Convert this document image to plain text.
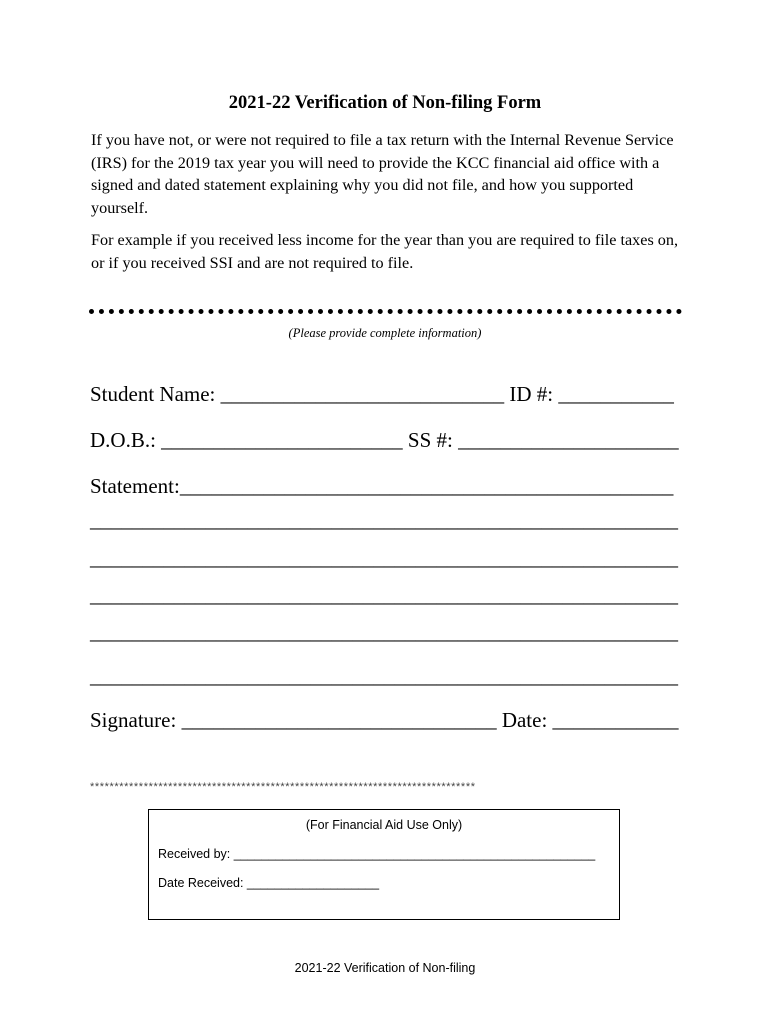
2021-22 Verification of Non-filing Form
If you have not, or were not required to file a tax return with the Internal Revenue Service (IRS) for the 2019 tax year you will need to provide the KCC financial aid office with a signed and dated statement explaining why you did not file, and how you supported yourself.
For example if you received less income for the year than you are required to file taxes on, or if you received SSI and are not required to file.
(Please provide complete information)
Student Name: ___________________________ ID #: ___________
D.O.B.: _______________________ SS #: _____________________
Statement:_______________________________________________
________________________________________________________
________________________________________________________
________________________________________________________
________________________________________________________
________________________________________________________
Signature: ______________________________ Date: ____________
*******************************************************************************
(For Financial Aid Use Only)
Received by: ____________________________________________________
Date Received: ___________________
2021-22 Verification of Non-filing
